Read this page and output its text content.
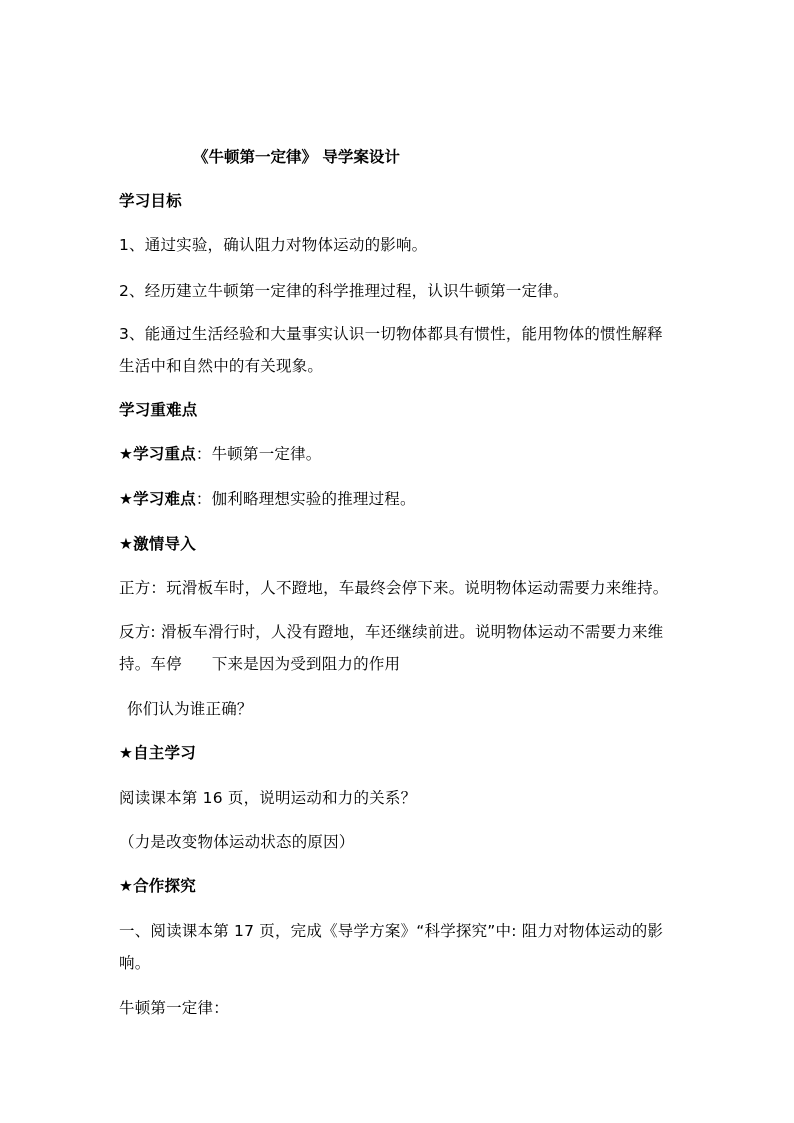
《牛顿第一定律》 导学案设计
学习目标
1、通过实验，确认阻力对物体运动的影响。
2、经历建立牛顿第一定律的科学推理过程，认识牛顿第一定律。
3、能通过生活经验和大量事实认识一切物体都具有惯性，能用物体的惯性解释
生活中和自然中的有关现象。
学习重难点
★学习重点：牛顿第一定律。
★学习难点：伽利略理想实验的推理过程。
★激情导入
正方：玩滑板车时，人不蹬地，车最终会停下来。说明物体运动需要力来维持。
反方: 滑板车滑行时，人没有蹬地，车还继续前进。说明物体运动不需要力来维
持。车停 下来是因为受到阻力的作用
你们认为谁正确？
★自主学习
阅读课本第 16 页，说明运动和力的关系？
（力是改变物体运动状态的原因）
★合作探究
一、阅读课本第 17 页，完成《导学方案》“科学探究”中: 阻力对物体运动的影
响。
牛顿第一定律：
